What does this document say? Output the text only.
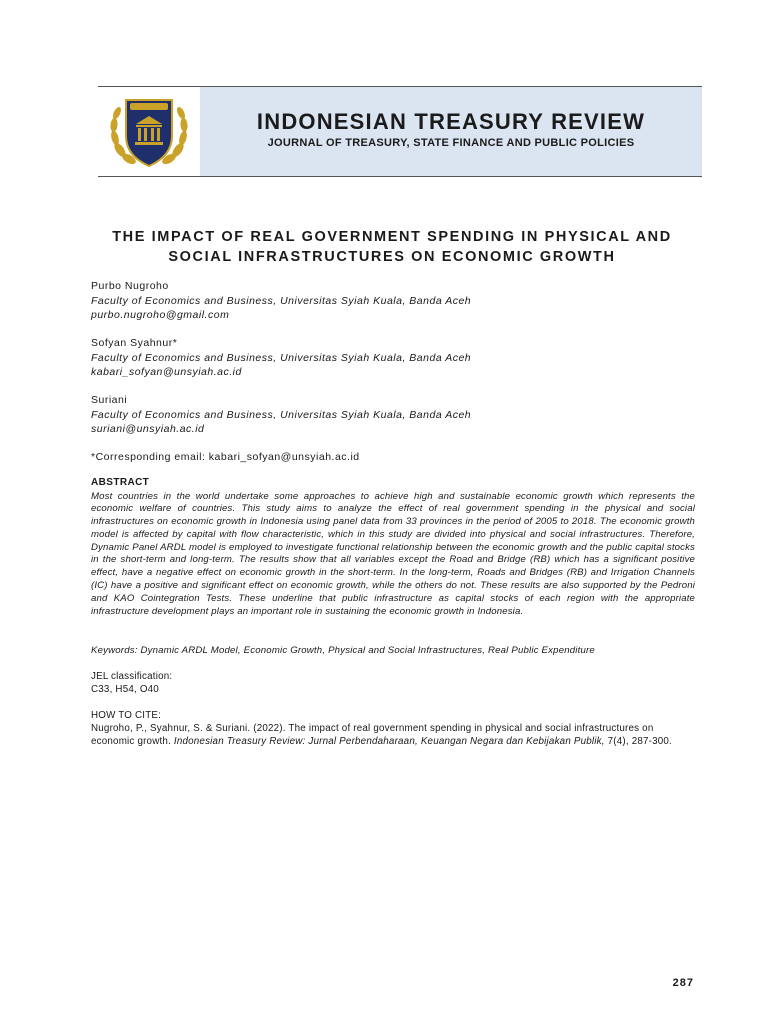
INDONESIAN TREASURY REVIEW
JOURNAL OF TREASURY, STATE FINANCE AND PUBLIC POLICIES
THE IMPACT OF REAL GOVERNMENT SPENDING IN PHYSICAL AND
SOCIAL INFRASTRUCTURES ON ECONOMIC GROWTH
Purbo Nugroho
Faculty of Economics and Business, Universitas Syiah Kuala, Banda Aceh
purbo.nugroho@gmail.com
Sofyan Syahnur*
Faculty of Economics and Business, Universitas Syiah Kuala, Banda Aceh
kabari_sofyan@unsyiah.ac.id
Suriani
Faculty of Economics and Business, Universitas Syiah Kuala, Banda Aceh
suriani@unsyiah.ac.id
*Corresponding email: kabari_sofyan@unsyiah.ac.id
ABSTRACT

Most countries in the world undertake some approaches to achieve high and sustainable economic growth which represents the economic welfare of countries. This study aims to analyze the effect of real government spending in the physical and social infrastructures on economic growth in Indonesia using panel data from 33 provinces in the period of 2005 to 2018. The economic growth model is affected by capital with flow characteristic, which in this study are divided into physical and social infrastructures. Therefore, Dynamic Panel ARDL model is employed to investigate functional relationship between the economic growth and the public capital stocks in the short-term and long-term. The results show that all variables except the Road and Bridge (RB) which has a significant positive effect, have a negative effect on economic growth in the short-term. In the long-term, Roads and Bridges (RB) and Irrigation Channels (IC) have a positive and significant effect on economic growth, while the others do not. These results are also supported by the Pedroni and KAO Cointegration Tests. These underline that public infrastructure as capital stocks of each region with the appropriate infrastructure development plays an important role in sustaining the economic growth in Indonesia.

Keywords: Dynamic ARDL Model, Economic Growth, Physical and Social Infrastructures, Real Public Expenditure
JEL classification:
C33, H54, O40
HOW TO CITE:
Nugroho, P., Syahnur, S. & Suriani. (2022). The impact of real government spending in physical and social infrastructures on economic growth. Indonesian Treasury Review: Jurnal Perbendaharaan, Keuangan Negara dan Kebijakan Publik, 7(4), 287-300.
287
